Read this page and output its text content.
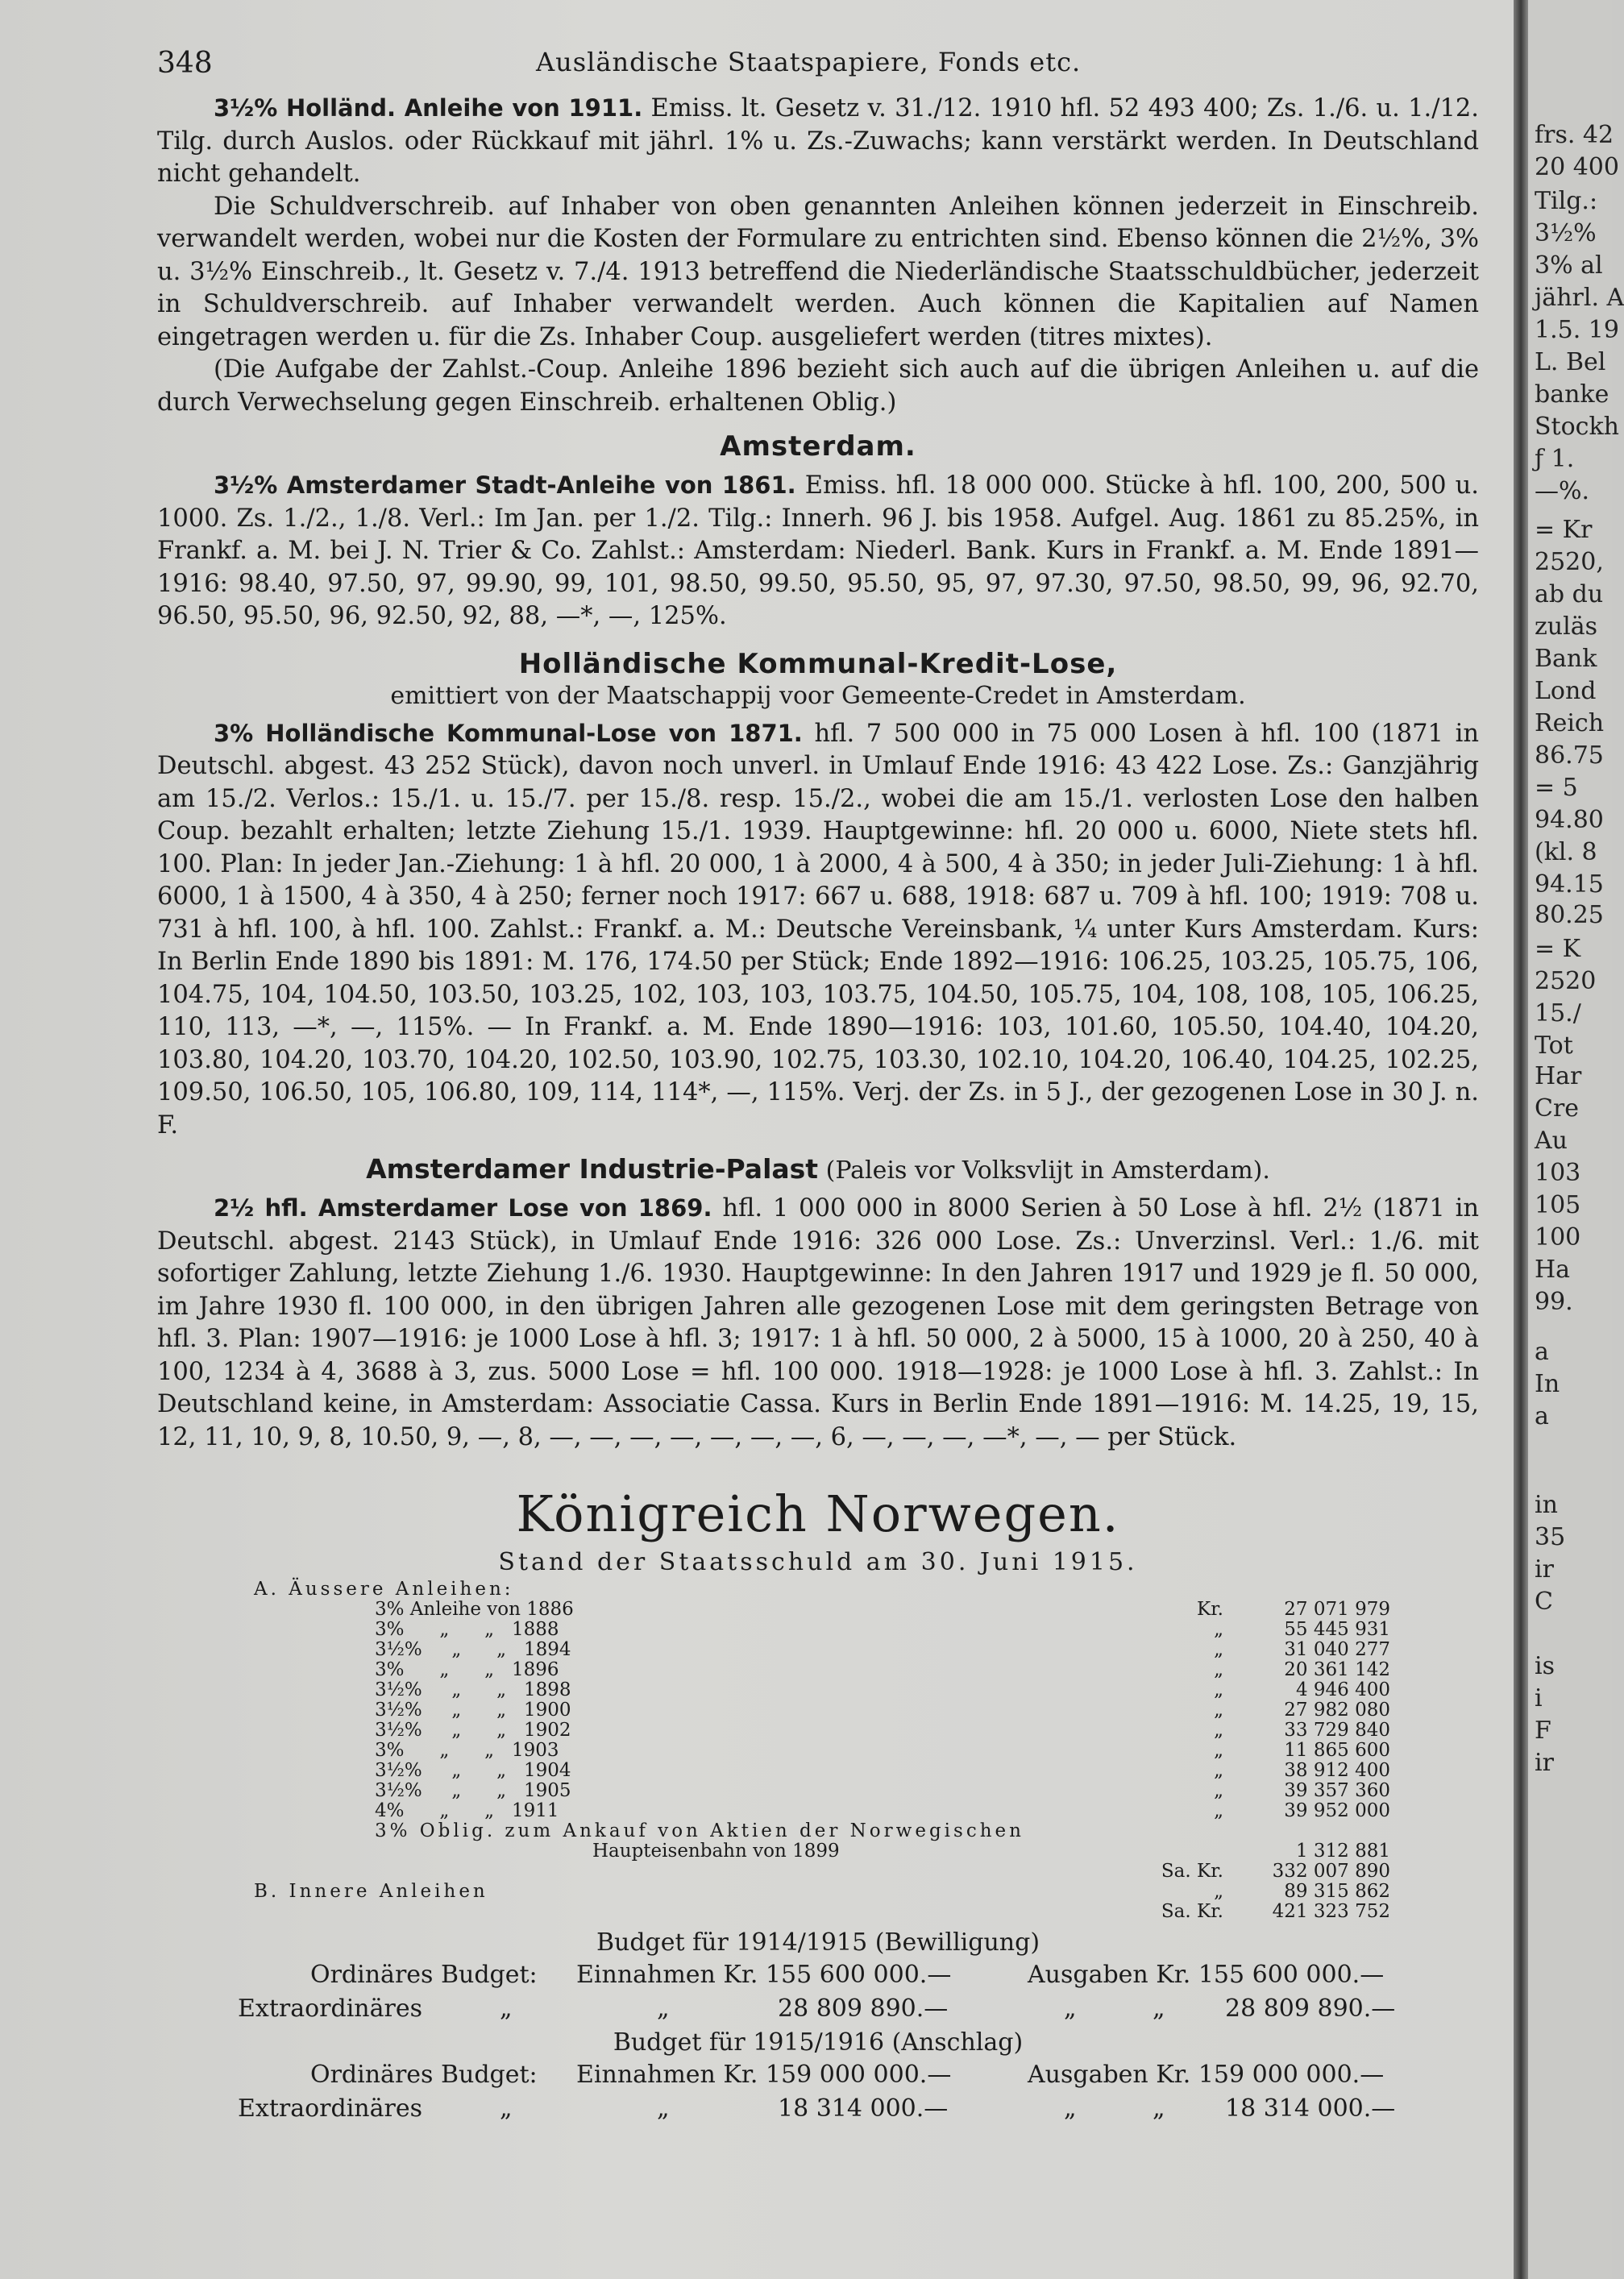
348	Ausländische Staatspapiere, Fonds etc.

3½% Holländ. Anleihe von 1911. Emiss. lt. Gesetz v. 31./12. 1910 hfl. 52 493 400; Zs. 1./6. u. 1./12. Tilg. durch Auslos. oder Rückkauf mit jährl. 1% u. Zs.-Zuwachs; kann verstärkt werden. In Deutschland nicht gehandelt.

Die Schuldverschreib. auf Inhaber von oben genannten Anleihen können jederzeit in Einschreib. verwandelt werden, wobei nur die Kosten der Formulare zu entrichten sind. Ebenso können die 2½%, 3% u. 3½% Einschreib., lt. Gesetz v. 7./4. 1913 betreffend die Niederländische Staatsschuldbücher, jederzeit in Schuldverschreib. auf Inhaber verwandelt werden. Auch können die Kapitalien auf Namen eingetragen werden u. für die Zs. Inhaber Coup. ausgeliefert werden (titres mixtes).

(Die Aufgabe der Zahlst.-Coup. Anleihe 1896 bezieht sich auch auf die übrigen Anleihen u. auf die durch Verwechselung gegen Einschreib. erhaltenen Oblig.)

Amsterdam.

3½% Amsterdamer Stadt-Anleihe von 1861. Emiss. hfl. 18 000 000. Stücke à hfl. 100, 200, 500 u. 1000. Zs. 1./2., 1./8. Verl.: Im Jan. per 1./2. Tilg.: Innerh. 96 J. bis 1958. Aufgel. Aug. 1861 zu 85.25%, in Frankf. a. M. bei J. N. Trier & Co. Zahlst.: Amsterdam: Niederl. Bank. Kurs in Frankf. a. M. Ende 1891—1916: 98.40, 97.50, 97, 99.90, 99, 101, 98.50, 99.50, 95.50, 95, 97, 97.30, 97.50, 98.50, 99, 96, 92.70, 96.50, 95.50, 96, 92.50, 92, 88, —*, —, 125%.

Holländische Kommunal-Kredit-Lose,
emittiert von der Maatschappij voor Gemeente-Credet in Amsterdam.

3% Holländische Kommunal-Lose von 1871. hfl. 7 500 000 in 75 000 Losen à hfl. 100 (1871 in Deutschl. abgest. 43 252 Stück), davon noch unverl. in Umlauf Ende 1916: 43 422 Lose. Zs.: Ganzjährig am 15./2. Verlos.: 15./1. u. 15./7. per 15./8. resp. 15./2., wobei die am 15./1. verlosten Lose den halben Coup. bezahlt erhalten; letzte Ziehung 15./1. 1939. Hauptgewinne: hfl. 20 000 u. 6000, Niete stets hfl. 100. Plan: In jeder Jan.-Ziehung: 1 à hfl. 20 000, 1 à 2000, 4 à 500, 4 à 350; in jeder Juli-Ziehung: 1 à hfl. 6000, 1 à 1500, 4 à 350, 4 à 250; ferner noch 1917: 667 u. 688, 1918: 687 u. 709 à hfl. 100; 1919: 708 u. 731 à hfl. 100, à hfl. 100. Zahlst.: Frankf. a. M.: Deutsche Vereinsbank, ¼ unter Kurs Amsterdam. Kurs: In Berlin Ende 1890 bis 1891: M. 176, 174.50 per Stück; Ende 1892—1916: 106.25, 103.25, 105.75, 106, 104.75, 104, 104.50, 103.50, 103.25, 102, 103, 103, 103.75, 104.50, 105.75, 104, 108, 108, 105, 106.25, 110, 113, —*, —, 115%. — In Frankf. a. M. Ende 1890—1916: 103, 101.60, 105.50, 104.40, 104.20, 103.80, 104.20, 103.70, 104.20, 102.50, 103.90, 102.75, 103.30, 102.10, 104.20, 106.40, 104.25, 102.25, 109.50, 106.50, 105, 106.80, 109, 114, 114*, —, 115%. Verj. der Zs. in 5 J., der gezogenen Lose in 30 J. n. F.

Amsterdamer Industrie-Palast (Paleis vor Volksvlijt in Amsterdam).

2½ hfl. Amsterdamer Lose von 1869. hfl. 1 000 000 in 8000 Serien à 50 Lose à hfl. 2½ (1871 in Deutschl. abgest. 2143 Stück), in Umlauf Ende 1916: 326 000 Lose. Zs.: Unverzinsl. Verl.: 1./6. mit sofortiger Zahlung, letzte Ziehung 1./6. 1930. Hauptgewinne: In den Jahren 1917 und 1929 je fl. 50 000, im Jahre 1930 fl. 100 000, in den übrigen Jahren alle gezogenen Lose mit dem geringsten Betrage von hfl. 3. Plan: 1907—1916: je 1000 Lose à hfl. 3; 1917: 1 à hfl. 50 000, 2 à 5000, 15 à 1000, 20 à 250, 40 à 100, 1234 à 4, 3688 à 3, zus. 5000 Lose = hfl. 100 000. 1918—1928: je 1000 Lose à hfl. 3. Zahlst.: In Deutschland keine, in Amsterdam: Associatie Cassa. Kurs in Berlin Ende 1891—1916: M. 14.25, 19, 15, 12, 11, 10, 9, 8, 10.50, 9, —, 8, —, —, —, —, —, —, —, 6, —, —, —, —*, —, — per Stück.

Königreich Norwegen.
Stand der Staatsschuld am 30. Juni 1915.
A. Äussere Anleihen:		
3% Anleihe von 1886	Kr.	27 071 979
3%      „      „   1888	„	55 445 931
3½%     „      „   1894	„	31 040 277
3%      „      „   1896	„	20 361 142
3½%     „      „   1898	„	4 946 400
3½%     „      „   1900	„	27 982 080
3½%     „      „   1902	„	33 729 840
3%      „      „   1903	„	11 865 600
3½%     „      „   1904	„	38 912 400
3½%     „      „   1905	„	39 357 360
4%      „      „   1911	„	39 952 000
3% Oblig. zum Ankauf von Aktien der Norwegischen		
Haupteisenbahn von 1899		1 312 881
	Sa. Kr.	332 007 890
B. Innere Anleihen	„	89 315 862
	Sa. Kr.	421 323 752
Budget für 1914/1915 (Bewilligung)
Ordinäres Budget: Einnahmen Kr. 155 600 000.—	Ausgaben Kr. 155 600 000.—
Extraordinäres	„	„	28 809 890.—	„	„ 28 809 890.—
Budget für 1915/1916 (Anschlag)
Ordinäres Budget: Einnahmen Kr. 159 000 000.—	Ausgaben Kr. 159 000 000.—
Extraordinäres	„	„	18 314 000.—	„	„ 18 314 000.—
frs. 42
20 400
Tilg.:
3½%
3% al
jährl. A
1.5. 19
L. Bel
banke
Stockh
ƒ 1.
—%.
= Kr
2520,
ab du
zuläs
Bank
Lond
Reich
86.75
= 5
94.80
(kl. 8
94.15
80.25
= K
2520
15./
Tot
Har
Cre
Au
103
105
100
Ha
99.
a
In
a
in
35
ir
C
is
i
F
ir
